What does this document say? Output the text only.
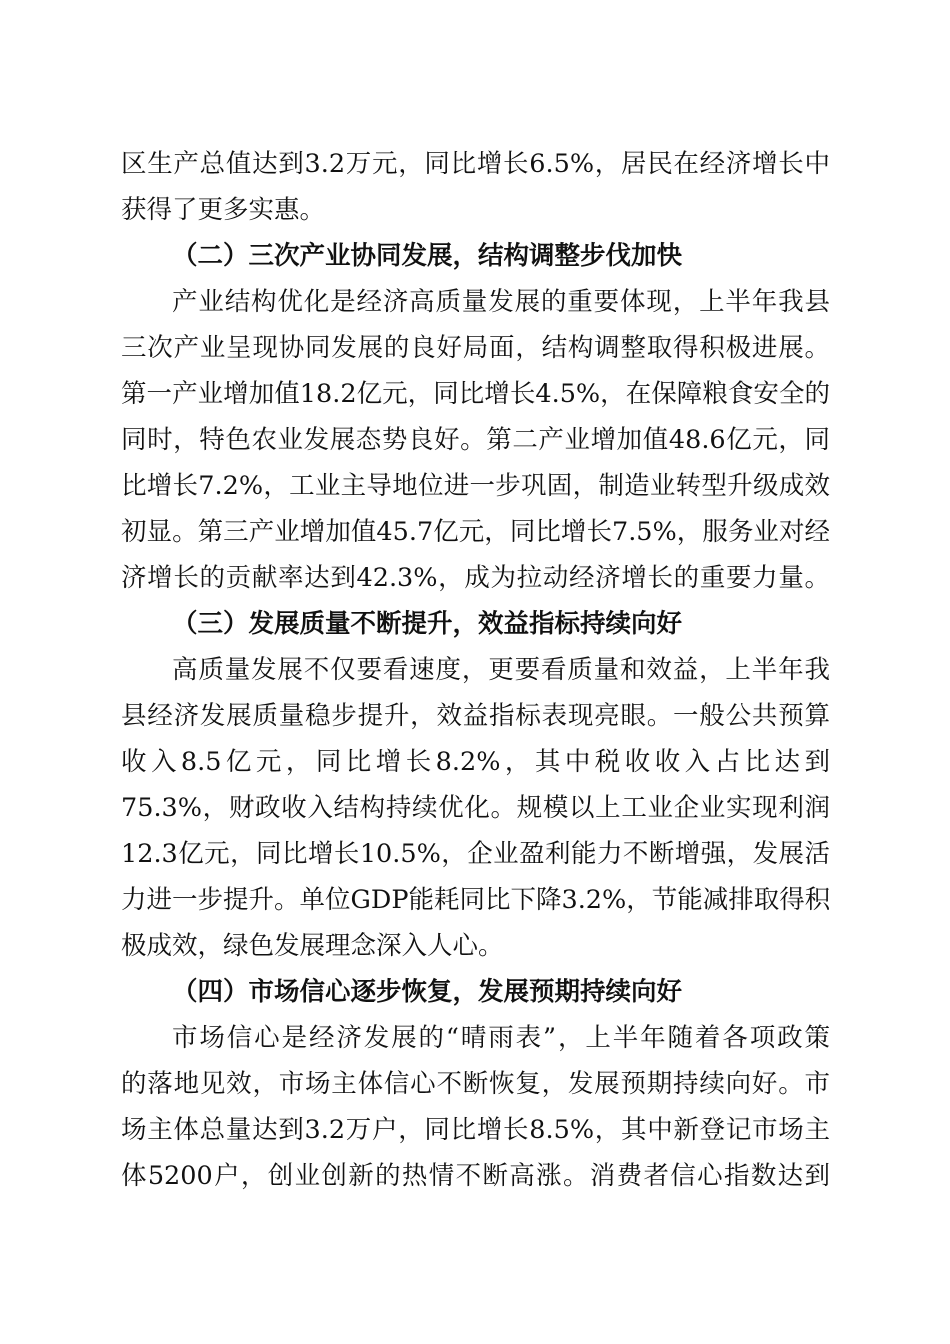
区生产总值达到3.2万元，同比增长6.5%，居民在经济增长中
获得了更多实惠。
（二）三次产业协同发展，结构调整步伐加快
产业结构优化是经济高质量发展的重要体现，上半年我县
三次产业呈现协同发展的良好局面，结构调整取得积极进展。
第一产业增加值18.2亿元，同比增长4.5%，在保障粮食安全的
同时，特色农业发展态势良好。第二产业增加值48.6亿元，同
比增长7.2%，工业主导地位进一步巩固，制造业转型升级成效
初显。第三产业增加值45.7亿元，同比增长7.5%，服务业对经
济增长的贡献率达到42.3%，成为拉动经济增长的重要力量。
（三）发展质量不断提升，效益指标持续向好
高质量发展不仅要看速度，更要看质量和效益，上半年我
县经济发展质量稳步提升，效益指标表现亮眼。一般公共预算
收入8.5亿元，同比增长8.2%，其中税收收入占比达到
75.3%，财政收入结构持续优化。规模以上工业企业实现利润
12.3亿元，同比增长10.5%，企业盈利能力不断增强，发展活
力进一步提升。单位GDP能耗同比下降3.2%，节能减排取得积
极成效，绿色发展理念深入人心。
（四）市场信心逐步恢复，发展预期持续向好
市场信心是经济发展的“晴雨表”，上半年随着各项政策
的落地见效，市场主体信心不断恢复，发展预期持续向好。市
场主体总量达到3.2万户，同比增长8.5%，其中新登记市场主
体5200户，创业创新的热情不断高涨。消费者信心指数达到
